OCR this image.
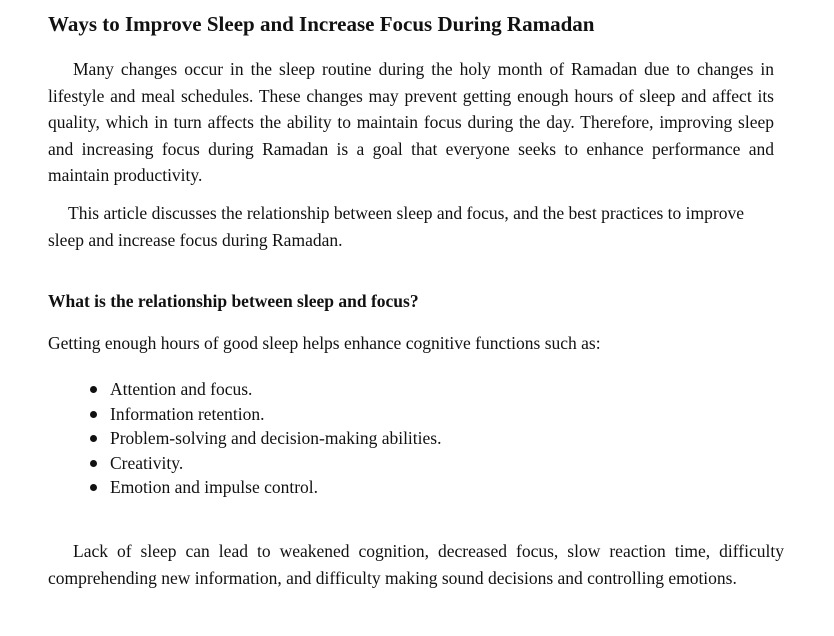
Ways to Improve Sleep and Increase Focus During Ramadan

Many changes occur in the sleep routine during the holy month of Ramadan due to changes in lifestyle and meal schedules. These changes may prevent getting enough hours of sleep and affect its quality, which in turn affects the ability to maintain focus during the day. Therefore, improving sleep and increasing focus during Ramadan is a goal that everyone seeks to enhance performance and maintain productivity.

This article discusses the relationship between sleep and focus, and the best practices to improve sleep and increase focus during Ramadan.

What is the relationship between sleep and focus?

Getting enough hours of good sleep helps enhance cognitive functions such as:

Attention and focus.
Information retention.
Problem-solving and decision-making abilities.
Creativity.
Emotion and impulse control.

Lack of sleep can lead to weakened cognition, decreased focus, slow reaction time, difficulty comprehending new information, and difficulty making sound decisions and controlling emotions.
